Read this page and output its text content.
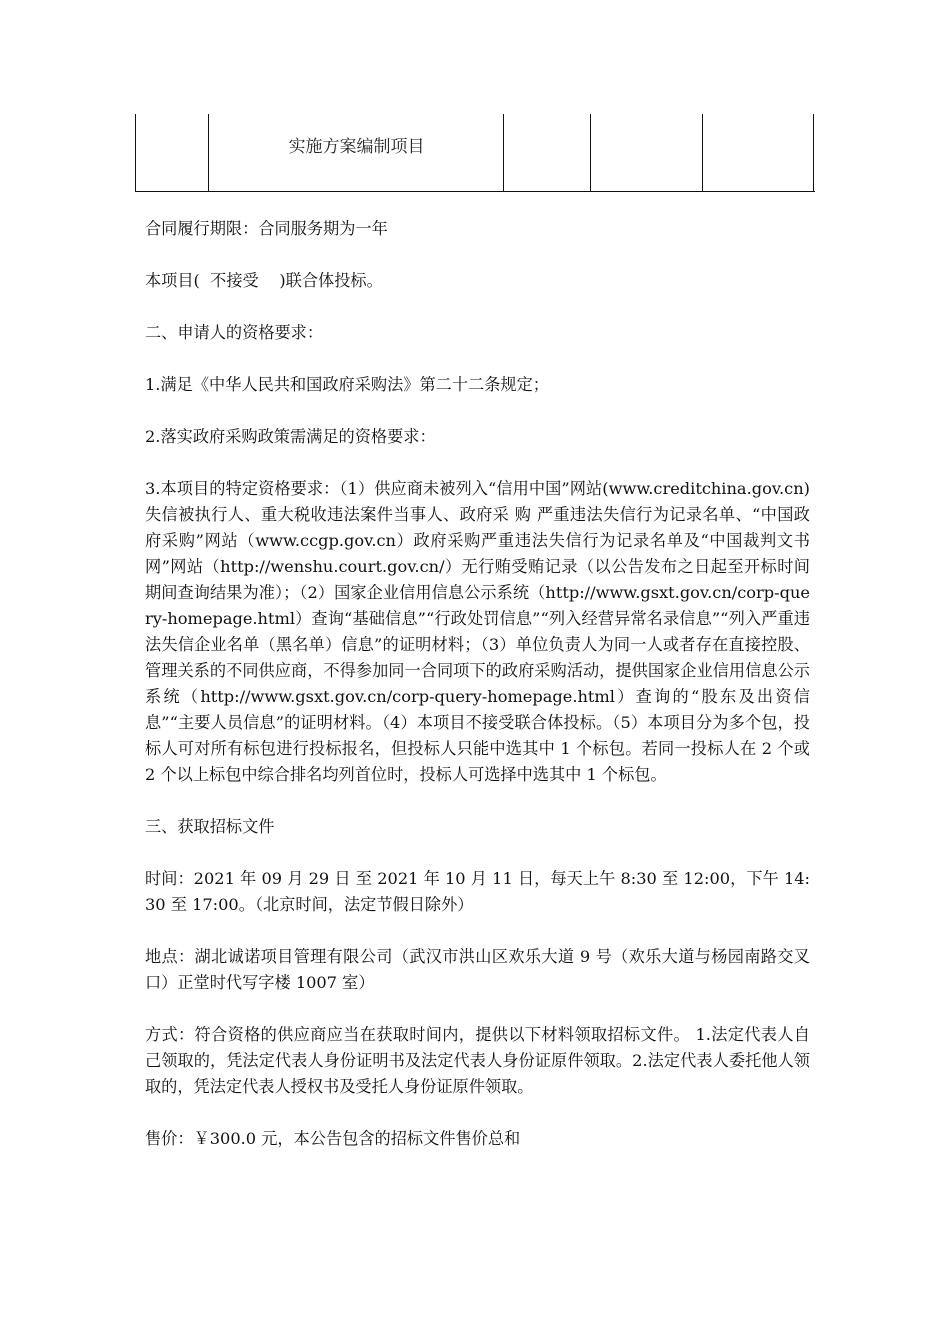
实施方案编制项目

合同履行期限：合同服务期为一年

本项目(  不接受    )联合体投标。

二、申请人的资格要求：

1.满足《中华人民共和国政府采购法》第二十二条规定；

2.落实政府采购政策需满足的资格要求：

3.本项目的特定资格要求：（1）供应商未被列入“信用中国”网站(www.creditchina.gov.cn)失信被执行人、重大税收违法案件当事人、政府采 购 严重违法失信行为记录名单、“中国政府采购”网站（www.ccgp.gov.cn）政府采购严重违法失信行为记录名单及“中国裁判文书网”网站（http://wenshu.court.gov.cn/）无行贿受贿记录（以公告发布之日起至开标时间期间查询结果为准）；（2）国家企业信用信息公示系统（http://www.gsxt.gov.cn/corp-query-homepage.html）查询“基础信息”“行政处罚信息”“列入经营异常名录信息”“列入严重违法失信企业名单（黑名单）信息”的证明材料；（3）单位负责人为同一人或者存在直接控股、管理关系的不同供应商，不得参加同一合同项下的政府采购活动，提供国家企业信用信息公示系统（http://www.gsxt.gov.cn/corp-query-homepage.html）查询的“股东及出资信息”“主要人员信息”的证明材料。（4）本项目不接受联合体投标。（5）本项目分为多个包，投标人可对所有标包进行投标报名，但投标人只能中选其中 1 个标包。若同一投标人在 2 个或 2 个以上标包中综合排名均列首位时，投标人可选择中选其中 1 个标包。

三、获取招标文件

时间：2021 年 09 月 29 日 至 2021 年 10 月 11 日，每天上午 8:30 至 12:00，下午 14:30 至 17:00。（北京时间，法定节假日除外）

地点：湖北诚诺项目管理有限公司（武汉市洪山区欢乐大道 9 号（欢乐大道与杨园南路交叉口）正堂时代写字楼 1007 室）

方式：符合资格的供应商应当在获取时间内，提供以下材料领取招标文件。 1.法定代表人自己领取的，凭法定代表人身份证明书及法定代表人身份证原件领取。2.法定代表人委托他人领取的，凭法定代表人授权书及受托人身份证原件领取。

售价：￥300.0 元，本公告包含的招标文件售价总和
